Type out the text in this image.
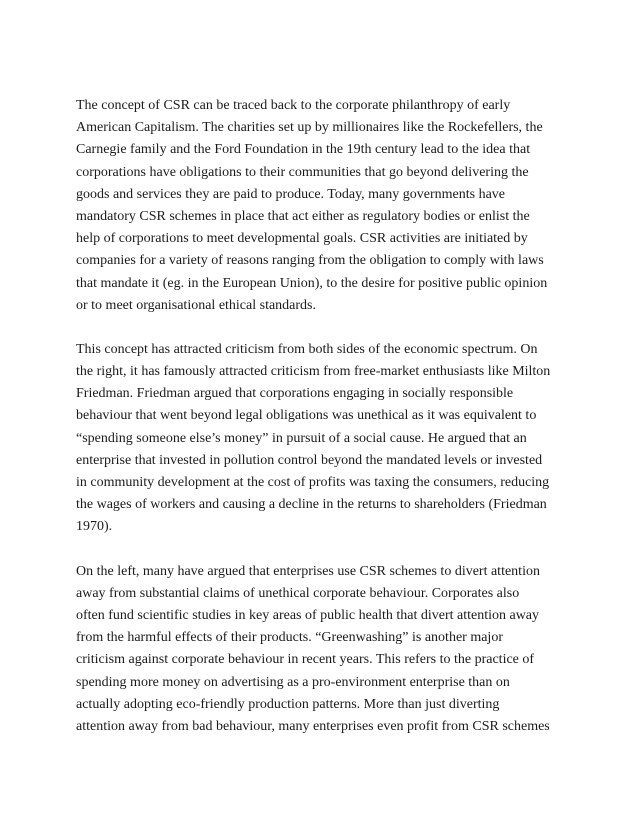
The concept of CSR can be traced back to the corporate philanthropy of early
American Capitalism. The charities set up by millionaires like the Rockefellers, the
Carnegie family and the Ford Foundation in the 19th century lead to the idea that
corporations have obligations to their communities that go beyond delivering the
goods and services they are paid to produce. Today, many governments have
mandatory CSR schemes in place that act either as regulatory bodies or enlist the
help of corporations to meet developmental goals. CSR activities are initiated by
companies for a variety of reasons ranging from the obligation to comply with laws
that mandate it (eg. in the European Union), to the desire for positive public opinion
or to meet organisational ethical standards.

This concept has attracted criticism from both sides of the economic spectrum. On
the right, it has famously attracted criticism from free-market enthusiasts like Milton
Friedman. Friedman argued that corporations engaging in socially responsible
behaviour that went beyond legal obligations was unethical as it was equivalent to
“spending someone else’s money” in pursuit of a social cause. He argued that an
enterprise that invested in pollution control beyond the mandated levels or invested
in community development at the cost of profits was taxing the consumers, reducing
the wages of workers and causing a decline in the returns to shareholders (Friedman
1970).

On the left, many have argued that enterprises use CSR schemes to divert attention
away from substantial claims of unethical corporate behaviour. Corporates also
often fund scientific studies in key areas of public health that divert attention away
from the harmful effects of their products. “Greenwashing” is another major
criticism against corporate behaviour in recent years. This refers to the practice of
spending more money on advertising as a pro-environment enterprise than on
actually adopting eco-friendly production patterns. More than just diverting
attention away from bad behaviour, many enterprises even profit from CSR schemes
